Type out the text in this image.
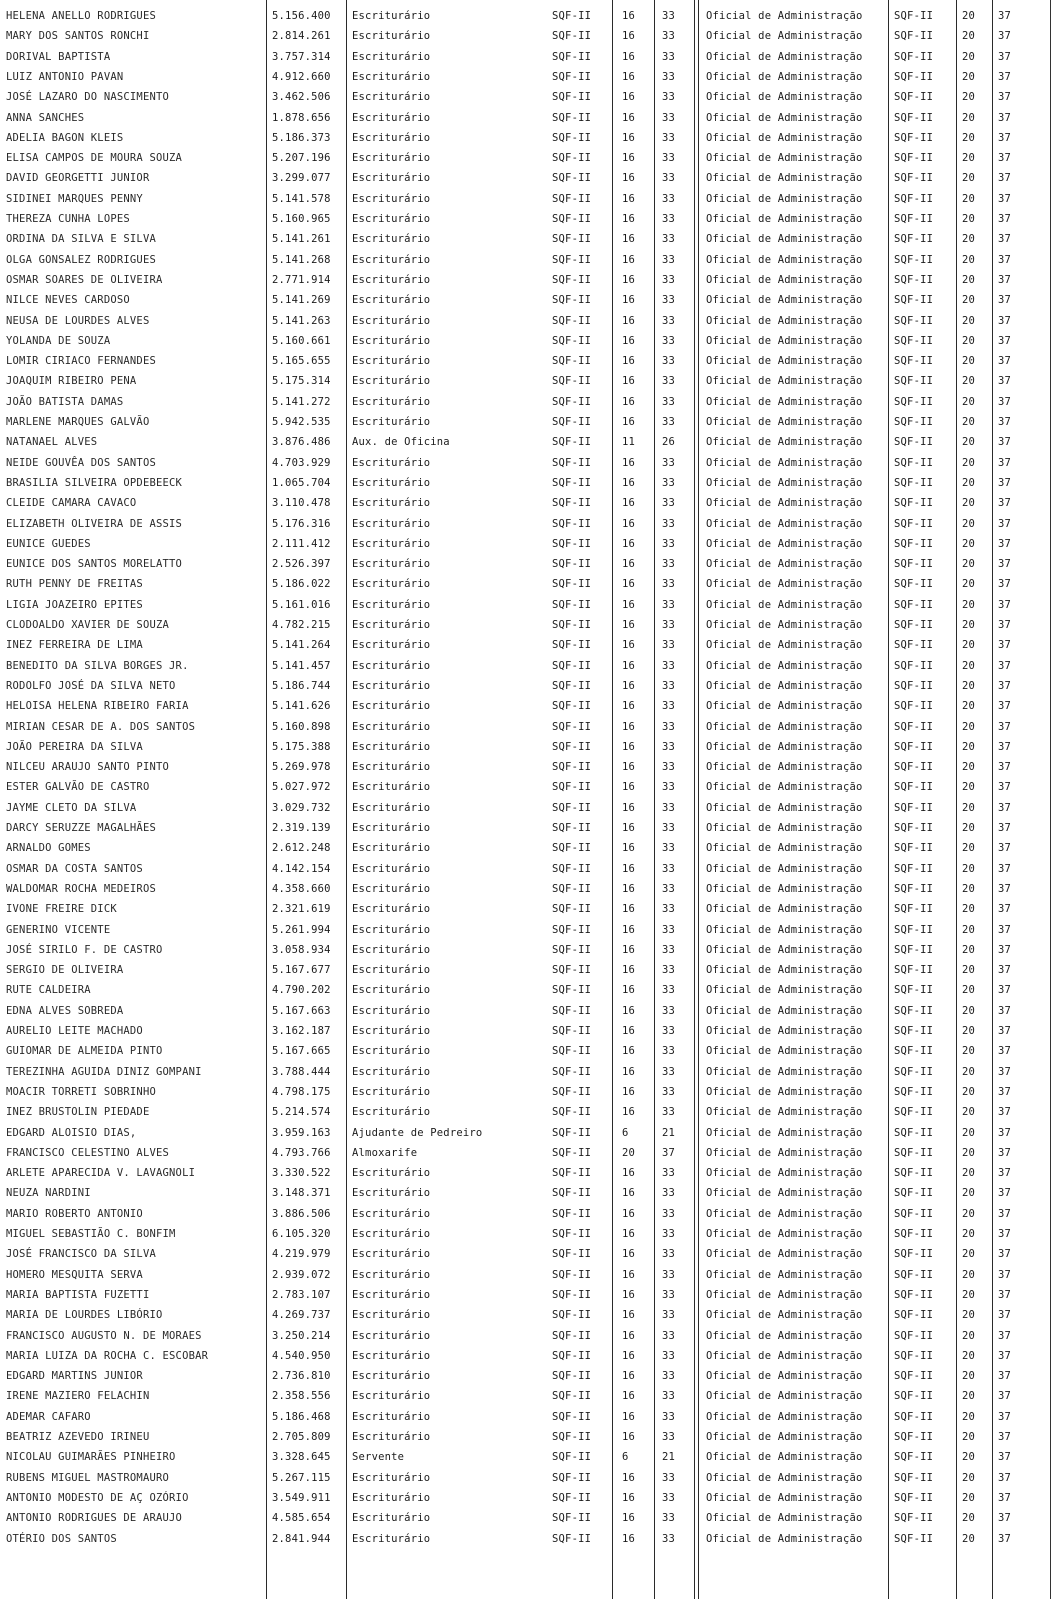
HELENA ANELLO RODRIGUES	5.156.400	Escriturário	SQF-II	16	33	Oficial de Administração	SQF-II	20	37
MARY DOS SANTOS RONCHI	2.814.261	Escriturário	SQF-II	16	33	Oficial de Administração	SQF-II	20	37
DORIVAL BAPTISTA	3.757.314	Escriturário	SQF-II	16	33	Oficial de Administração	SQF-II	20	37
LUIZ ANTONIO PAVAN	4.912.660	Escriturário	SQF-II	16	33	Oficial de Administração	SQF-II	20	37
JOSÉ LAZARO DO NASCIMENTO	3.462.506	Escriturário	SQF-II	16	33	Oficial de Administração	SQF-II	20	37
ANNA SANCHES	1.878.656	Escriturário	SQF-II	16	33	Oficial de Administração	SQF-II	20	37
ADELIA BAGON KLEIS	5.186.373	Escriturário	SQF-II	16	33	Oficial de Administração	SQF-II	20	37
ELISA CAMPOS DE MOURA SOUZA	5.207.196	Escriturário	SQF-II	16	33	Oficial de Administração	SQF-II	20	37
DAVID GEORGETTI JUNIOR	3.299.077	Escriturário	SQF-II	16	33	Oficial de Administração	SQF-II	20	37
SIDINEI MARQUES PENNY	5.141.578	Escriturário	SQF-II	16	33	Oficial de Administração	SQF-II	20	37
THEREZA CUNHA LOPES	5.160.965	Escriturário	SQF-II	16	33	Oficial de Administração	SQF-II	20	37
ORDINA DA SILVA E SILVA	5.141.261	Escriturário	SQF-II	16	33	Oficial de Administração	SQF-II	20	37
OLGA GONSALEZ RODRIGUES	5.141.268	Escriturário	SQF-II	16	33	Oficial de Administração	SQF-II	20	37
OSMAR SOARES DE OLIVEIRA	2.771.914	Escriturário	SQF-II	16	33	Oficial de Administração	SQF-II	20	37
NILCE NEVES CARDOSO	5.141.269	Escriturário	SQF-II	16	33	Oficial de Administração	SQF-II	20	37
NEUSA DE LOURDES ALVES	5.141.263	Escriturário	SQF-II	16	33	Oficial de Administração	SQF-II	20	37
YOLANDA DE SOUZA	5.160.661	Escriturário	SQF-II	16	33	Oficial de Administração	SQF-II	20	37
LOMIR CIRIACO FERNANDES	5.165.655	Escriturário	SQF-II	16	33	Oficial de Administração	SQF-II	20	37
JOAQUIM RIBEIRO PENA	5.175.314	Escriturário	SQF-II	16	33	Oficial de Administração	SQF-II	20	37
JOÃO BATISTA DAMAS	5.141.272	Escriturário	SQF-II	16	33	Oficial de Administração	SQF-II	20	37
MARLENE MARQUES GALVÃO	5.942.535	Escriturário	SQF-II	16	33	Oficial de Administração	SQF-II	20	37
NATANAEL ALVES	3.876.486	Aux. de Oficina	SQF-II	11	26	Oficial de Administração	SQF-II	20	37
NEIDE GOUVÊA DOS SANTOS	4.703.929	Escriturário	SQF-II	16	33	Oficial de Administração	SQF-II	20	37
BRASILIA SILVEIRA OPDEBEECK	1.065.704	Escriturário	SQF-II	16	33	Oficial de Administração	SQF-II	20	37
CLEIDE CAMARA CAVACO	3.110.478	Escriturário	SQF-II	16	33	Oficial de Administração	SQF-II	20	37
ELIZABETH OLIVEIRA DE ASSIS	5.176.316	Escriturário	SQF-II	16	33	Oficial de Administração	SQF-II	20	37
EUNICE GUEDES	2.111.412	Escriturário	SQF-II	16	33	Oficial de Administração	SQF-II	20	37
EUNICE DOS SANTOS MORELATTO	2.526.397	Escriturário	SQF-II	16	33	Oficial de Administração	SQF-II	20	37
RUTH PENNY DE FREITAS	5.186.022	Escriturário	SQF-II	16	33	Oficial de Administração	SQF-II	20	37
LIGIA JOAZEIRO EPITES	5.161.016	Escriturário	SQF-II	16	33	Oficial de Administração	SQF-II	20	37
CLODOALDO XAVIER DE SOUZA	4.782.215	Escriturário	SQF-II	16	33	Oficial de Administração	SQF-II	20	37
INEZ FERREIRA DE LIMA	5.141.264	Escriturário	SQF-II	16	33	Oficial de Administração	SQF-II	20	37
BENEDITO DA SILVA BORGES JR.	5.141.457	Escriturário	SQF-II	16	33	Oficial de Administração	SQF-II	20	37
RODOLFO JOSÉ DA SILVA NETO	5.186.744	Escriturário	SQF-II	16	33	Oficial de Administração	SQF-II	20	37
HELOISA HELENA RIBEIRO FARIA	5.141.626	Escriturário	SQF-II	16	33	Oficial de Administração	SQF-II	20	37
MIRIAN CESAR DE A. DOS SANTOS	5.160.898	Escriturário	SQF-II	16	33	Oficial de Administração	SQF-II	20	37
JOÃO PEREIRA DA SILVA	5.175.388	Escriturário	SQF-II	16	33	Oficial de Administração	SQF-II	20	37
NILCEU ARAUJO SANTO PINTO	5.269.978	Escriturário	SQF-II	16	33	Oficial de Administração	SQF-II	20	37
ESTER GALVÃO DE CASTRO	5.027.972	Escriturário	SQF-II	16	33	Oficial de Administração	SQF-II	20	37
JAYME CLETO DA SILVA	3.029.732	Escriturário	SQF-II	16	33	Oficial de Administração	SQF-II	20	37
DARCY SERUZZE MAGALHÃES	2.319.139	Escriturário	SQF-II	16	33	Oficial de Administração	SQF-II	20	37
ARNALDO GOMES	2.612.248	Escriturário	SQF-II	16	33	Oficial de Administração	SQF-II	20	37
OSMAR DA COSTA SANTOS	4.142.154	Escriturário	SQF-II	16	33	Oficial de Administração	SQF-II	20	37
WALDOMAR ROCHA MEDEIROS	4.358.660	Escriturário	SQF-II	16	33	Oficial de Administração	SQF-II	20	37
IVONE FREIRE DICK	2.321.619	Escriturário	SQF-II	16	33	Oficial de Administração	SQF-II	20	37
GENERINO VICENTE	5.261.994	Escriturário	SQF-II	16	33	Oficial de Administração	SQF-II	20	37
JOSÉ SIRILO F. DE CASTRO	3.058.934	Escriturário	SQF-II	16	33	Oficial de Administração	SQF-II	20	37
SERGIO DE OLIVEIRA	5.167.677	Escriturário	SQF-II	16	33	Oficial de Administração	SQF-II	20	37
RUTE CALDEIRA	4.790.202	Escriturário	SQF-II	16	33	Oficial de Administração	SQF-II	20	37
EDNA ALVES SOBREDA	5.167.663	Escriturário	SQF-II	16	33	Oficial de Administração	SQF-II	20	37
AURELIO LEITE MACHADO	3.162.187	Escriturário	SQF-II	16	33	Oficial de Administração	SQF-II	20	37
GUIOMAR DE ALMEIDA PINTO	5.167.665	Escriturário	SQF-II	16	33	Oficial de Administração	SQF-II	20	37
TEREZINHA AGUIDA DINIZ GOMPANI	3.788.444	Escriturário	SQF-II	16	33	Oficial de Administração	SQF-II	20	37
MOACIR TORRETI SOBRINHO	4.798.175	Escriturário	SQF-II	16	33	Oficial de Administração	SQF-II	20	37
INEZ BRUSTOLIN PIEDADE	5.214.574	Escriturário	SQF-II	16	33	Oficial de Administração	SQF-II	20	37
EDGARD ALOISIO DIAS,	3.959.163	Ajudante de Pedreiro	SQF-II	6	21	Oficial de Administração	SQF-II	20	37
FRANCISCO CELESTINO ALVES	4.793.766	Almoxarife	SQF-II	20	37	Oficial de Administração	SQF-II	20	37
ARLETE APARECIDA V. LAVAGNOLI	3.330.522	Escriturário	SQF-II	16	33	Oficial de Administração	SQF-II	20	37
NEUZA NARDINI	3.148.371	Escriturário	SQF-II	16	33	Oficial de Administração	SQF-II	20	37
MARIO ROBERTO ANTONIO	3.886.506	Escriturário	SQF-II	16	33	Oficial de Administração	SQF-II	20	37
MIGUEL SEBASTIÃO C. BONFIM	6.105.320	Escriturário	SQF-II	16	33	Oficial de Administração	SQF-II	20	37
JOSÉ FRANCISCO DA SILVA	4.219.979	Escriturário	SQF-II	16	33	Oficial de Administração	SQF-II	20	37
HOMERO MESQUITA SERVA	2.939.072	Escriturário	SQF-II	16	33	Oficial de Administração	SQF-II	20	37
MARIA BAPTISTA FUZETTI	2.783.107	Escriturário	SQF-II	16	33	Oficial de Administração	SQF-II	20	37
MARIA DE LOURDES LIBÓRIO	4.269.737	Escriturário	SQF-II	16	33	Oficial de Administração	SQF-II	20	37
FRANCISCO AUGUSTO N. DE MORAES	3.250.214	Escriturário	SQF-II	16	33	Oficial de Administração	SQF-II	20	37
MARIA LUIZA DA ROCHA C. ESCOBAR	4.540.950	Escriturário	SQF-II	16	33	Oficial de Administração	SQF-II	20	37
EDGARD MARTINS JUNIOR	2.736.810	Escriturário	SQF-II	16	33	Oficial de Administração	SQF-II	20	37
IRENE MAZIERO FELACHIN	2.358.556	Escriturário	SQF-II	16	33	Oficial de Administração	SQF-II	20	37
ADEMAR CAFARO	5.186.468	Escriturário	SQF-II	16	33	Oficial de Administração	SQF-II	20	37
BEATRIZ AZEVEDO IRINEU	2.705.809	Escriturário	SQF-II	16	33	Oficial de Administração	SQF-II	20	37
NICOLAU GUIMARÃES PINHEIRO	3.328.645	Servente	SQF-II	6	21	Oficial de Administração	SQF-II	20	37
RUBENS MIGUEL MASTROMAURO	5.267.115	Escriturário	SQF-II	16	33	Oficial de Administração	SQF-II	20	37
ANTONIO MODESTO DE AÇ OZÓRIO	3.549.911	Escriturário	SQF-II	16	33	Oficial de Administração	SQF-II	20	37
ANTONIO RODRIGUES DE ARAUJO	4.585.654	Escriturário	SQF-II	16	33	Oficial de Administração	SQF-II	20	37
OTÉRIO DOS SANTOS	2.841.944	Escriturário	SQF-II	16	33	Oficial de Administração	SQF-II	20	37
